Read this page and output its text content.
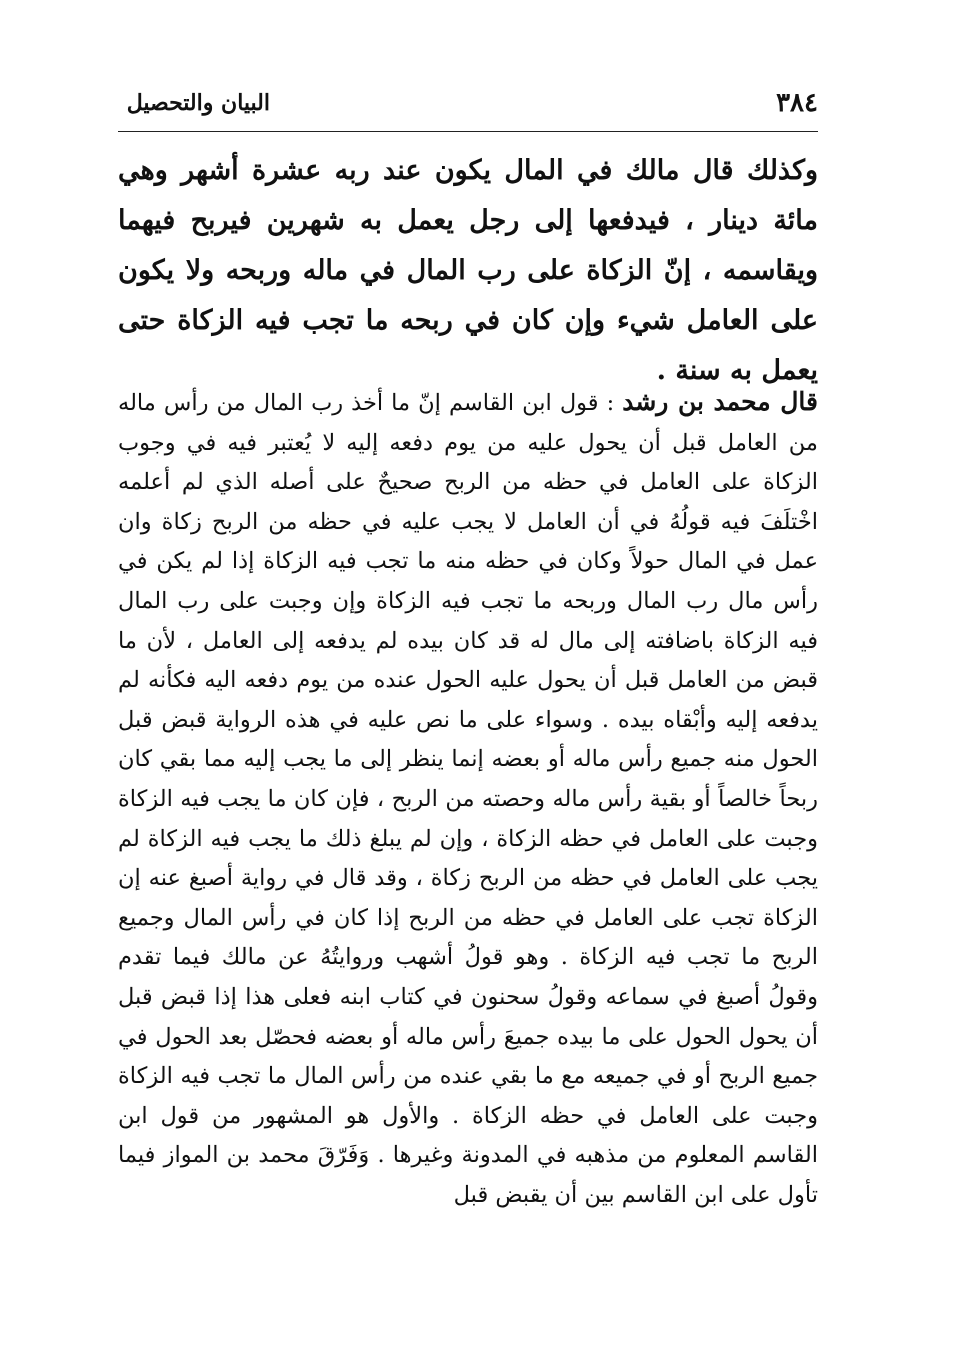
البيان والتحصيل	٣٨٤

وكذلك قال مالك في المال يكون عند ربه عشرة أشهر وهي مائة دينار ، فيدفعها إلى رجل يعمل به شهرين فيربح فيهما ويقاسمه ، إنّ الزكاة على رب المال في ماله وربحه ولا يكون على العامل شيء وإن كان في ربحه ما تجب فيه الزكاة حتى يعمل به سنة .

قال محمد بن رشد : قول ابن القاسم إنّ ما أخذ رب المال من رأس ماله من العامل قبل أن يحول عليه من يوم دفعه إليه لا يُعتبر فيه في وجوب الزكاة على العامل في حظه من الربح صحيحٌ على أصله الذي لم أعلمه اخْتلَفَ فيه قولُهُ في أن العامل لا يجب عليه في حظه من الربح زكاة وان عمل في المال حولاً وكان في حظه منه ما تجب فيه الزكاة إذا لم يكن في رأس مال رب المال وربحه ما تجب فيه الزكاة وإن وجبت على رب المال فيه الزكاة باضافته إلى مال له قد كان بيده لم يدفعه إلى العامل ، لأن ما قبض من العامل قبل أن يحول عليه الحول عنده من يوم دفعه اليه فكأنه لم يدفعه إليه وأبْقاه بيده . وسواء على ما نص عليه في هذه الرواية قبض قبل الحول منه جميع رأس ماله أو بعضه إنما ينظر إلى ما يجب إليه مما بقي كان ربحاً خالصاً أو بقية رأس ماله وحصته من الربح ، فإن كان ما يجب فيه الزكاة وجبت على العامل في حظه الزكاة ، وإن لم يبلغ ذلك ما يجب فيه الزكاة لم يجب على العامل في حظه من الربح زكاة ، وقد قال في رواية أصبغ عنه إن الزكاة تجب على العامل في حظه من الربح إذا كان في رأس المال وجميع الربح ما تجب فيه الزكاة . وهو قولُ أشهب وروايتُهُ عن مالك فيما تقدم وقولُ أصبغ في سماعه وقولُ سحنون في كتاب ابنه فعلى هذا إذا قبض قبل أن يحول الحول على ما بيده جميعَ رأس ماله أو بعضه فحصّل بعد الحول في جميع الربح أو في جميعه مع ما بقي عنده من رأس المال ما تجب فيه الزكاة وجبت على العامل في حظه الزكاة . والأول هو المشهور من قول ابن القاسم المعلوم من مذهبه في المدونة وغيرها . وَفَرّقَ محمد بن المواز فيما تأول على ابن القاسم بين أن يقبض قبل
